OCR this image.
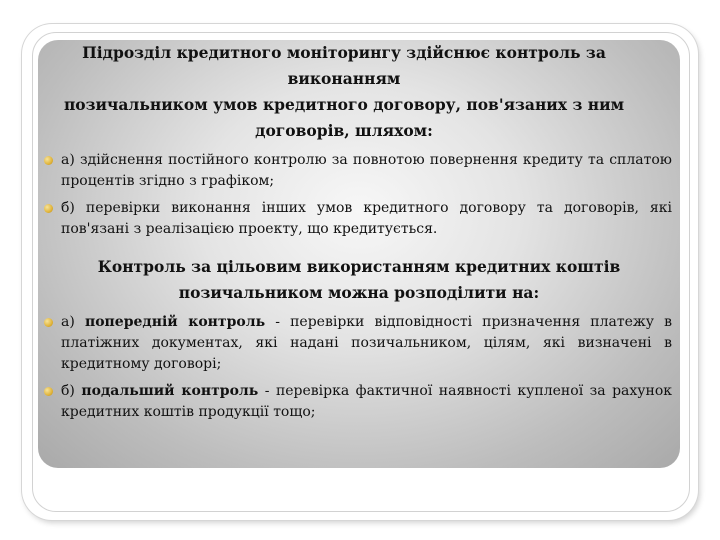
Підрозділ кредитного моніторингу здійснює контроль за виконанням
позичальником умов кредитного договору, пов'язаних з ним
договорів, шляхом:

а) здійснення постійного контролю за повнотою повернення кредиту та сплатою процентів згідно з графіком;
б) перевірки виконання інших умов кредитного договору та договорів, які пов'язані з реалізацією проекту, що кредитується.

Контроль за цільовим використанням кредитних коштів
позичальником можна розподілити на:

а) попередній контроль - перевірки відповідності призначення платежу в платіжних документах, які надані позичальником, цілям, які визначені в кредитному договорі;
б) подальший контроль - перевірка фактичної наявності купленої за рахунок кредитних коштів продукції тощо;
